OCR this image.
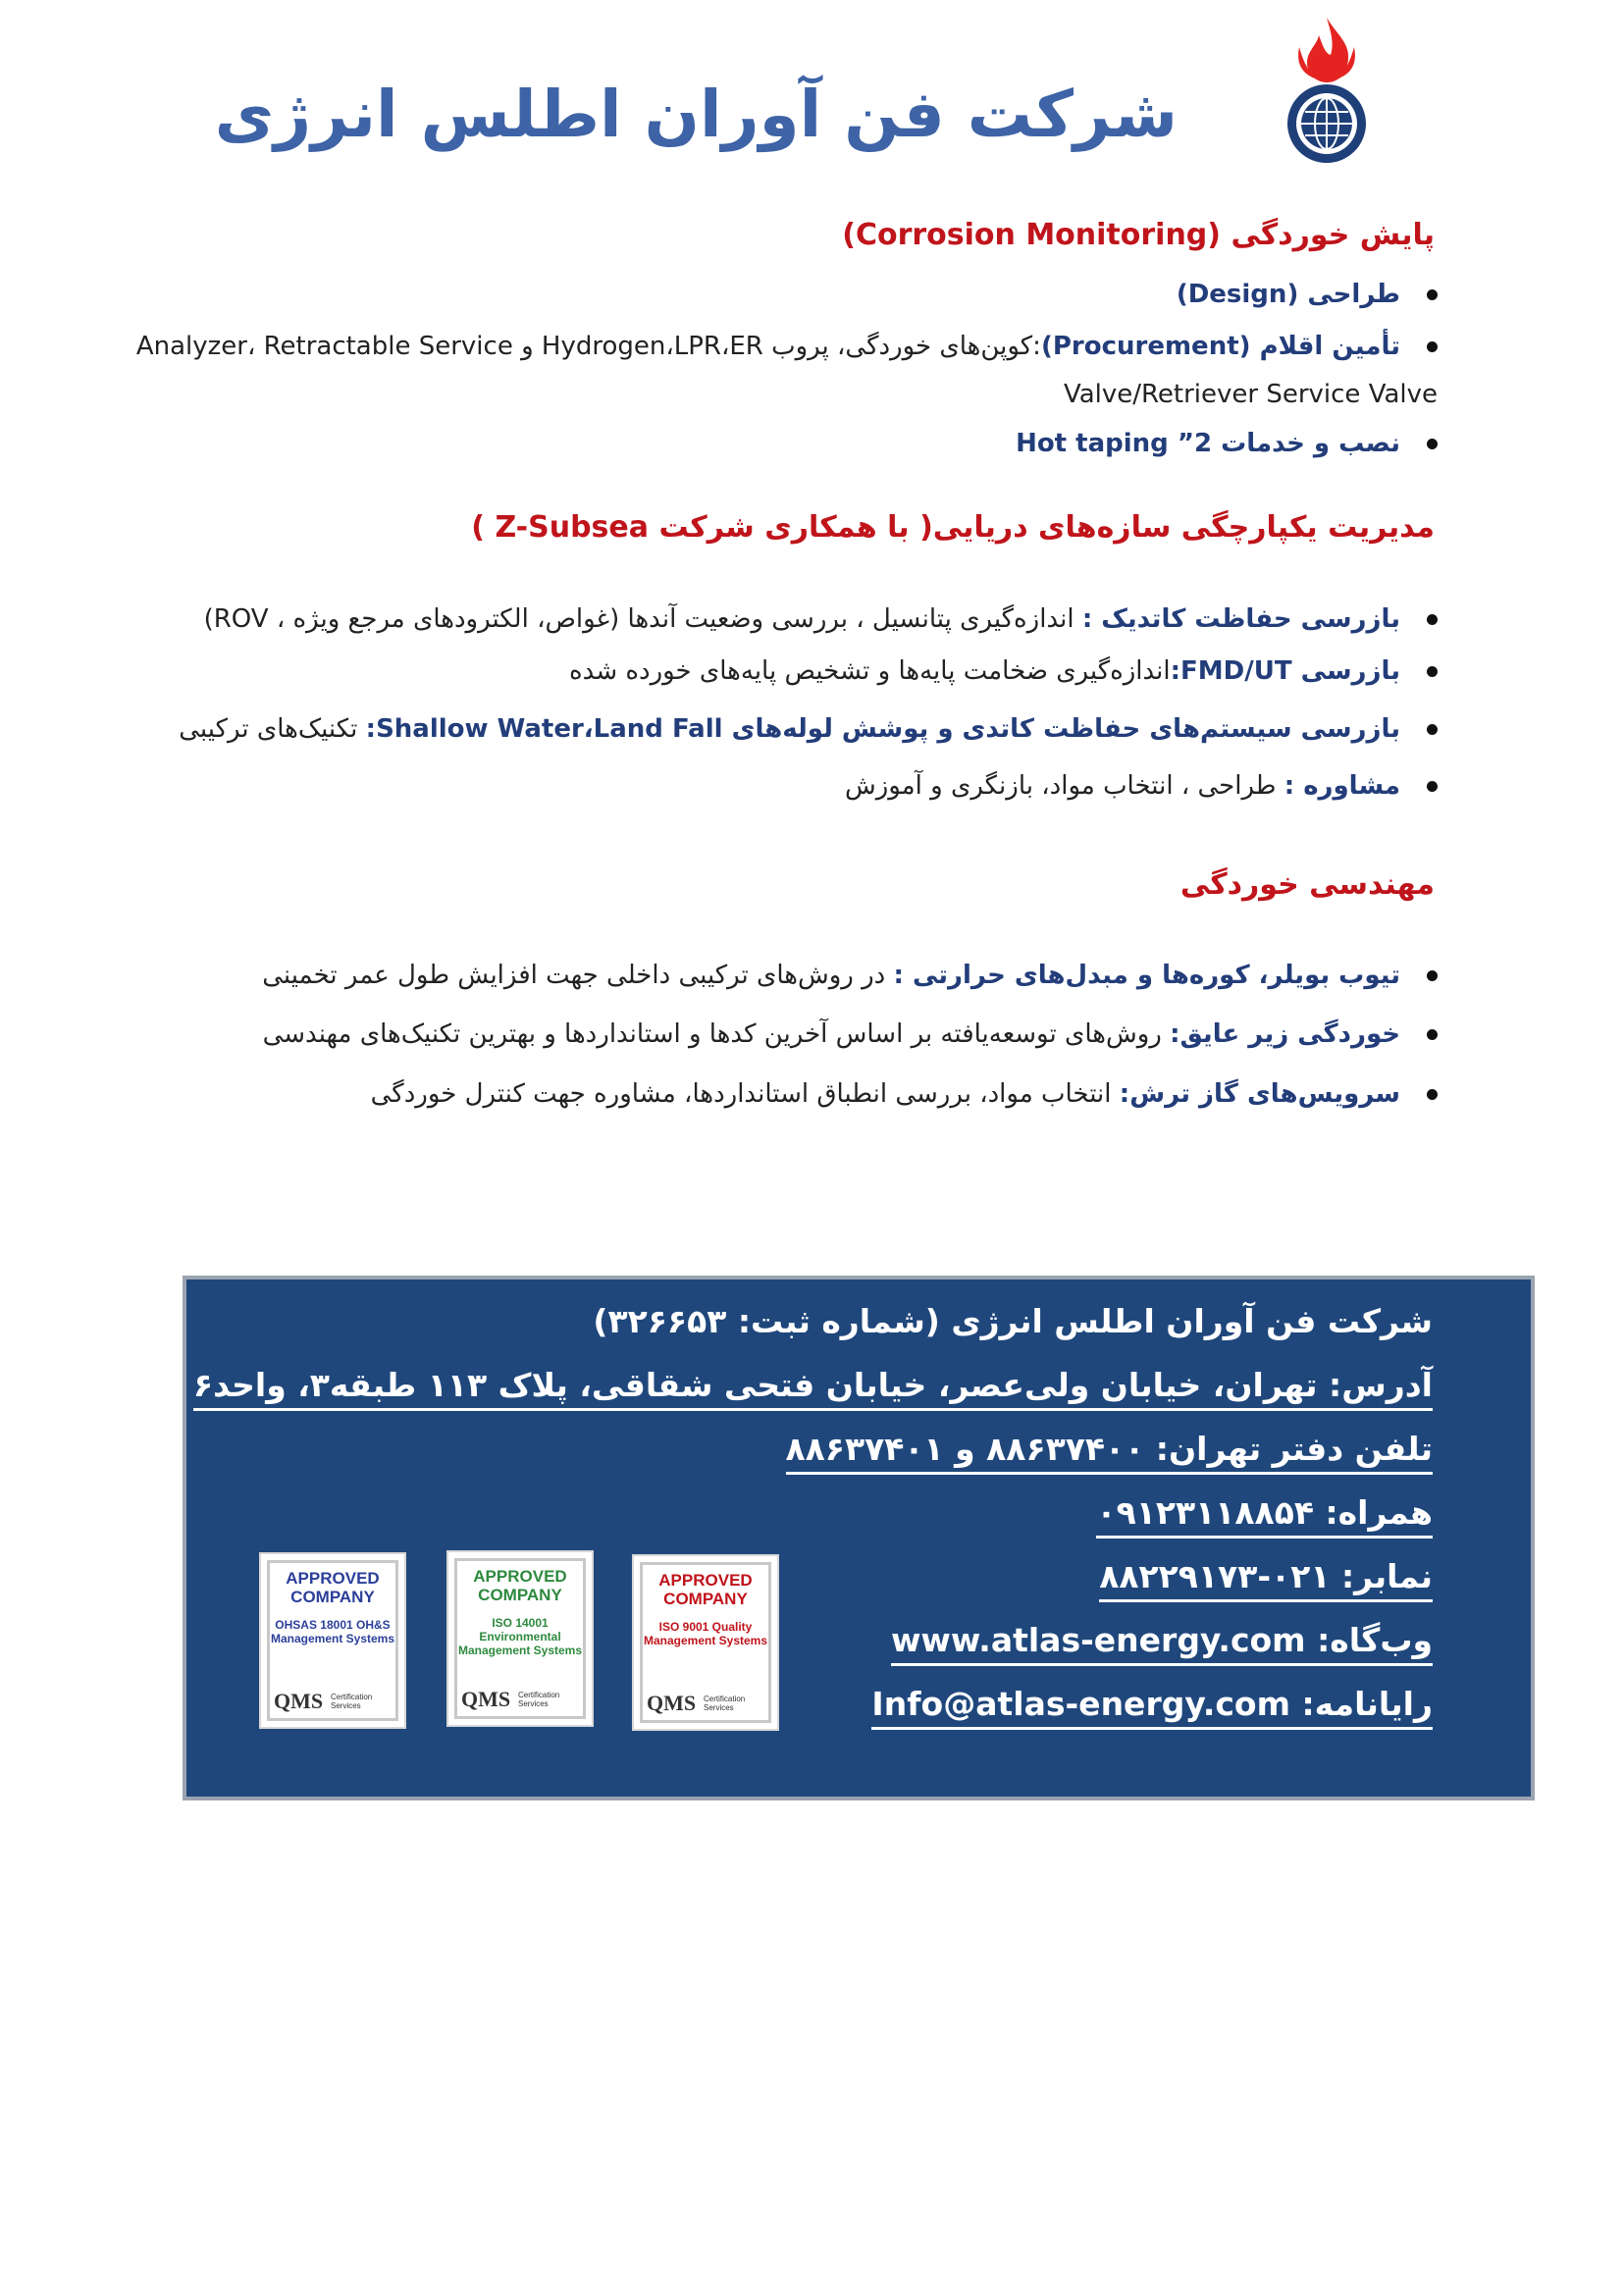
شرکت فن آوران اطلس انرژی
پایش خوردگی (Corrosion Monitoring)
طراحی (Design)
تأمین اقلام (Procurement):کوپن‌های خوردگی، پروب Hydrogen،LPR،ER و Analyzer، Retractable Service
Valve/Retriever Service Valve
نصب و خدمات 2” Hot taping
مدیریت یکپارچگی سازه‌های دریایی( با همکاری شرکت Z-Subsea )
بازرسی حفاظت کاتدیک : اندازه‌گیری پتانسیل ، بررسی وضعیت آندها (غواص، الکترودهای مرجع ویژه ، ROV)
بازرسی FMD/UT:اندازه‌گیری ضخامت پایه‌ها و تشخیص پایه‌های خورده شده
بازرسی سیستم‌های حفاظت کاتدی و پوشش لوله‌های Shallow Water،Land Fall: تکنیک‌های ترکیبی
مشاوره : طراحی ، انتخاب مواد، بازنگری و آموزش
مهندسی خوردگی
تیوب بویلر، کوره‌ها و مبدل‌های حرارتی : در روش‌های ترکیبی داخلی جهت افزایش طول عمر تخمینی
خوردگی زیر عایق: روش‌های توسعه‌یافته بر اساس آخرین کدها و استانداردها و بهترین تکنیک‌های مهندسی
سرویس‌های گاز ترش: انتخاب مواد، بررسی انطباق استانداردها، مشاوره جهت کنترل خوردگی
شرکت فن آوران اطلس انرژی (شماره ثبت: ۳۲۶۶۵۳)
آدرس: تهران، خیابان ولی‌عصر، خیابان فتحی شقاقی، پلاک ۱۱۳ طبقه۳، واحد۶
تلفن دفتر تهران: ۸۸۶۳۷۴۰۰ و ۸۸۶۳۷۴۰۱
همراه: ۰۹۱۲۳۱۱۸۸۵۴
نمابر: ۰۲۱-۸۸۲۲۹۱۷۳
وب‌گاه: www.atlas-energy.com
رایانامه: Info@atlas-energy.com
APPROVED COMPANY
OHSAS 18001 OH&S Management Systems
QMS Certification Services
APPROVED COMPANY
ISO 14001 Environmental Management Systems
QMS Certification Services
APPROVED COMPANY
ISO 9001 Quality Management Systems
QMS Certification Services
